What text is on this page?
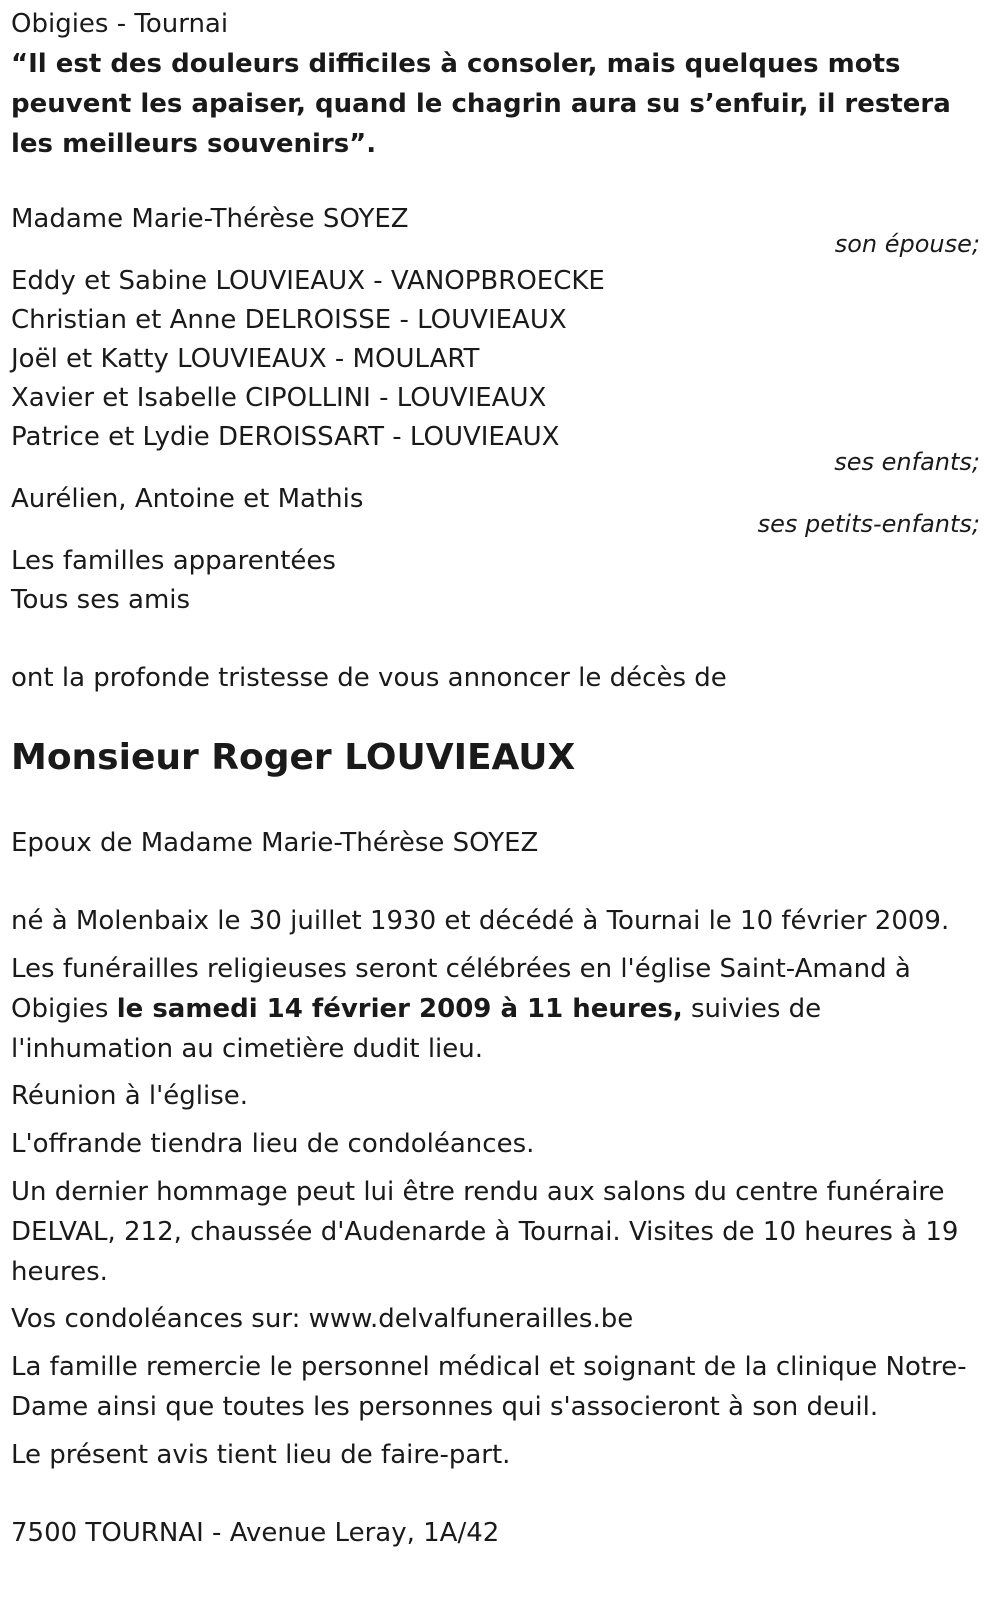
Obigies - Tournai
“Il est des douleurs difficiles à consoler, mais quelques mots peuvent les apaiser, quand le chagrin aura su s’enfuir, il restera les meilleurs souvenirs”.
Madame Marie-Thérèse SOYEZ
son épouse;
Eddy et Sabine LOUVIEAUX - VANOPBROECKE
Christian et Anne DELROISSE - LOUVIEAUX
Joël et Katty LOUVIEAUX - MOULART
Xavier et Isabelle CIPOLLINI - LOUVIEAUX
Patrice et Lydie DEROISSART - LOUVIEAUX
ses enfants;
Aurélien, Antoine et Mathis
ses petits-enfants;
Les familles apparentées
Tous ses amis
ont la profonde tristesse de vous annoncer le décès de
Monsieur Roger LOUVIEAUX
Epoux de Madame Marie-Thérèse SOYEZ
né à Molenbaix le 30 juillet 1930 et décédé à Tournai le 10 février 2009.
Les funérailles religieuses seront célébrées en l'église Saint-Amand à Obigies le samedi 14 février 2009 à 11 heures, suivies de l'inhumation au cimetière dudit lieu.
Réunion à l'église.
L'offrande tiendra lieu de condoléances.
Un dernier hommage peut lui être rendu aux salons du centre funéraire DELVAL, 212, chaussée d'Audenarde à Tournai. Visites de 10 heures à 19 heures.
Vos condoléances sur: www.delvalfunerailles.be
La famille remercie le personnel médical et soignant de la clinique Notre-Dame ainsi que toutes les personnes qui s'associeront à son deuil.
Le présent avis tient lieu de faire-part.
7500 TOURNAI - Avenue Leray, 1A/42
